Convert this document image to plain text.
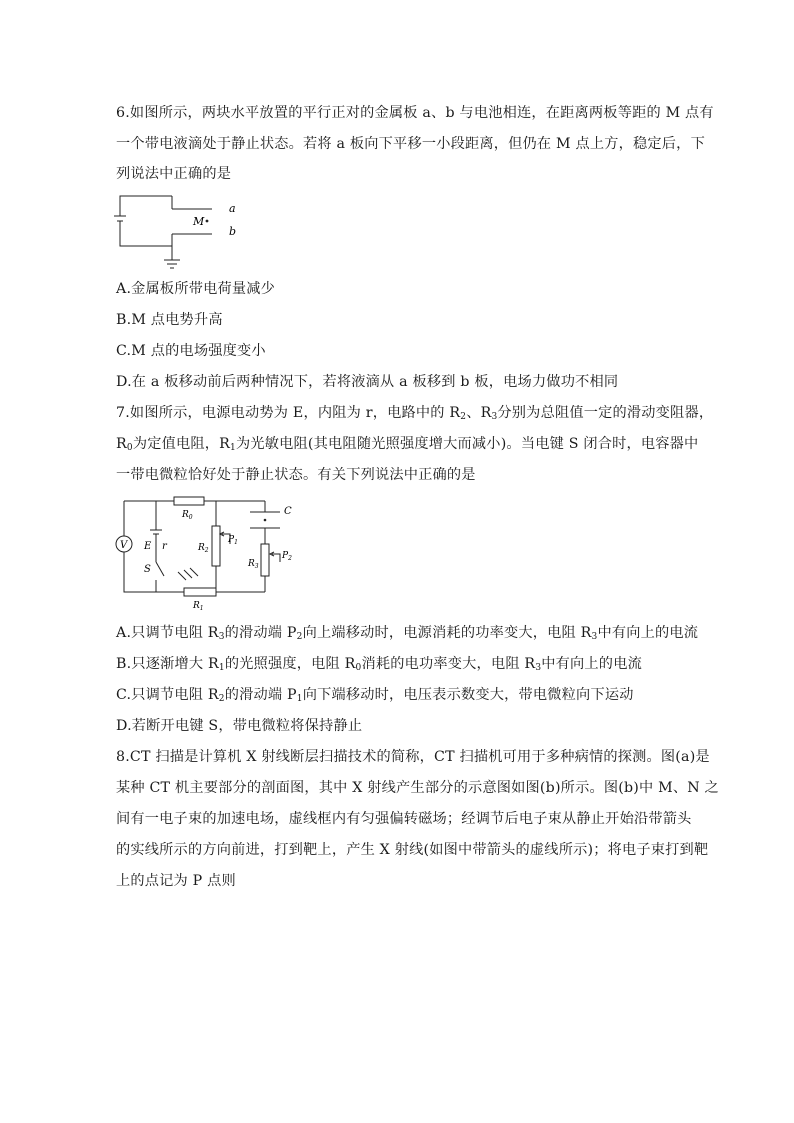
6.如图所示，两块水平放置的平行正对的金属板 a、b 与电池相连，在距离两板等距的 M 点有
一个带电液滴处于静止状态。若将 a 板向下平移一小段距离，但仍在 M 点上方，稳定后，下
列说法中正确的是
M
a
b
A.金属板所带电荷量减少
B.M 点电势升高
C.M 点的电场强度变小
D.在 a 板移动前后两种情况下，若将液滴从 a 板移到 b 板，电场力做功不相同
7.如图所示，电源电动势为 E，内阻为 r，电路中的 $R_2$、$R_3$分别为总阻值一定的滑动变阻器，
$R_0$为定值电阻，$R_1$为光敏电阻(其电阻随光照强度增大而减小)。当电键 S 闭合时，电容器中
一带电微粒恰好处于静止状态。有关下列说法中正确的是
V E r
S
C
$R_0$
$R_1$
$R_2$
$R_3$
$P_1$
$P_2$
A.只调节电阻 $R_3$的滑动端 $P_2$向上端移动时，电源消耗的功率变大，电阻 $R_3$中有向上的电流
B.只逐渐增大 $R_1$的光照强度，电阻 $R_0$消耗的电功率变大，电阻 $R_3$中有向上的电流
C.只调节电阻 $R_2$的滑动端 $P_1$向下端移动时，电压表示数变大，带电微粒向下运动
D.若断开电键 S，带电微粒将保持静止
8.CT 扫描是计算机 X 射线断层扫描技术的简称，CT 扫描机可用于多种病情的探测。图(a)是
某种 CT 机主要部分的剖面图，其中 X 射线产生部分的示意图如图(b)所示。图(b)中 M、N 之
间有一电子束的加速电场，虚线框内有匀强偏转磁场；经调节后电子束从静止开始沿带箭头
的实线所示的方向前进，打到靶上，产生 X 射线(如图中带箭头的虚线所示)；将电子束打到靶
上的点记为 P 点则
